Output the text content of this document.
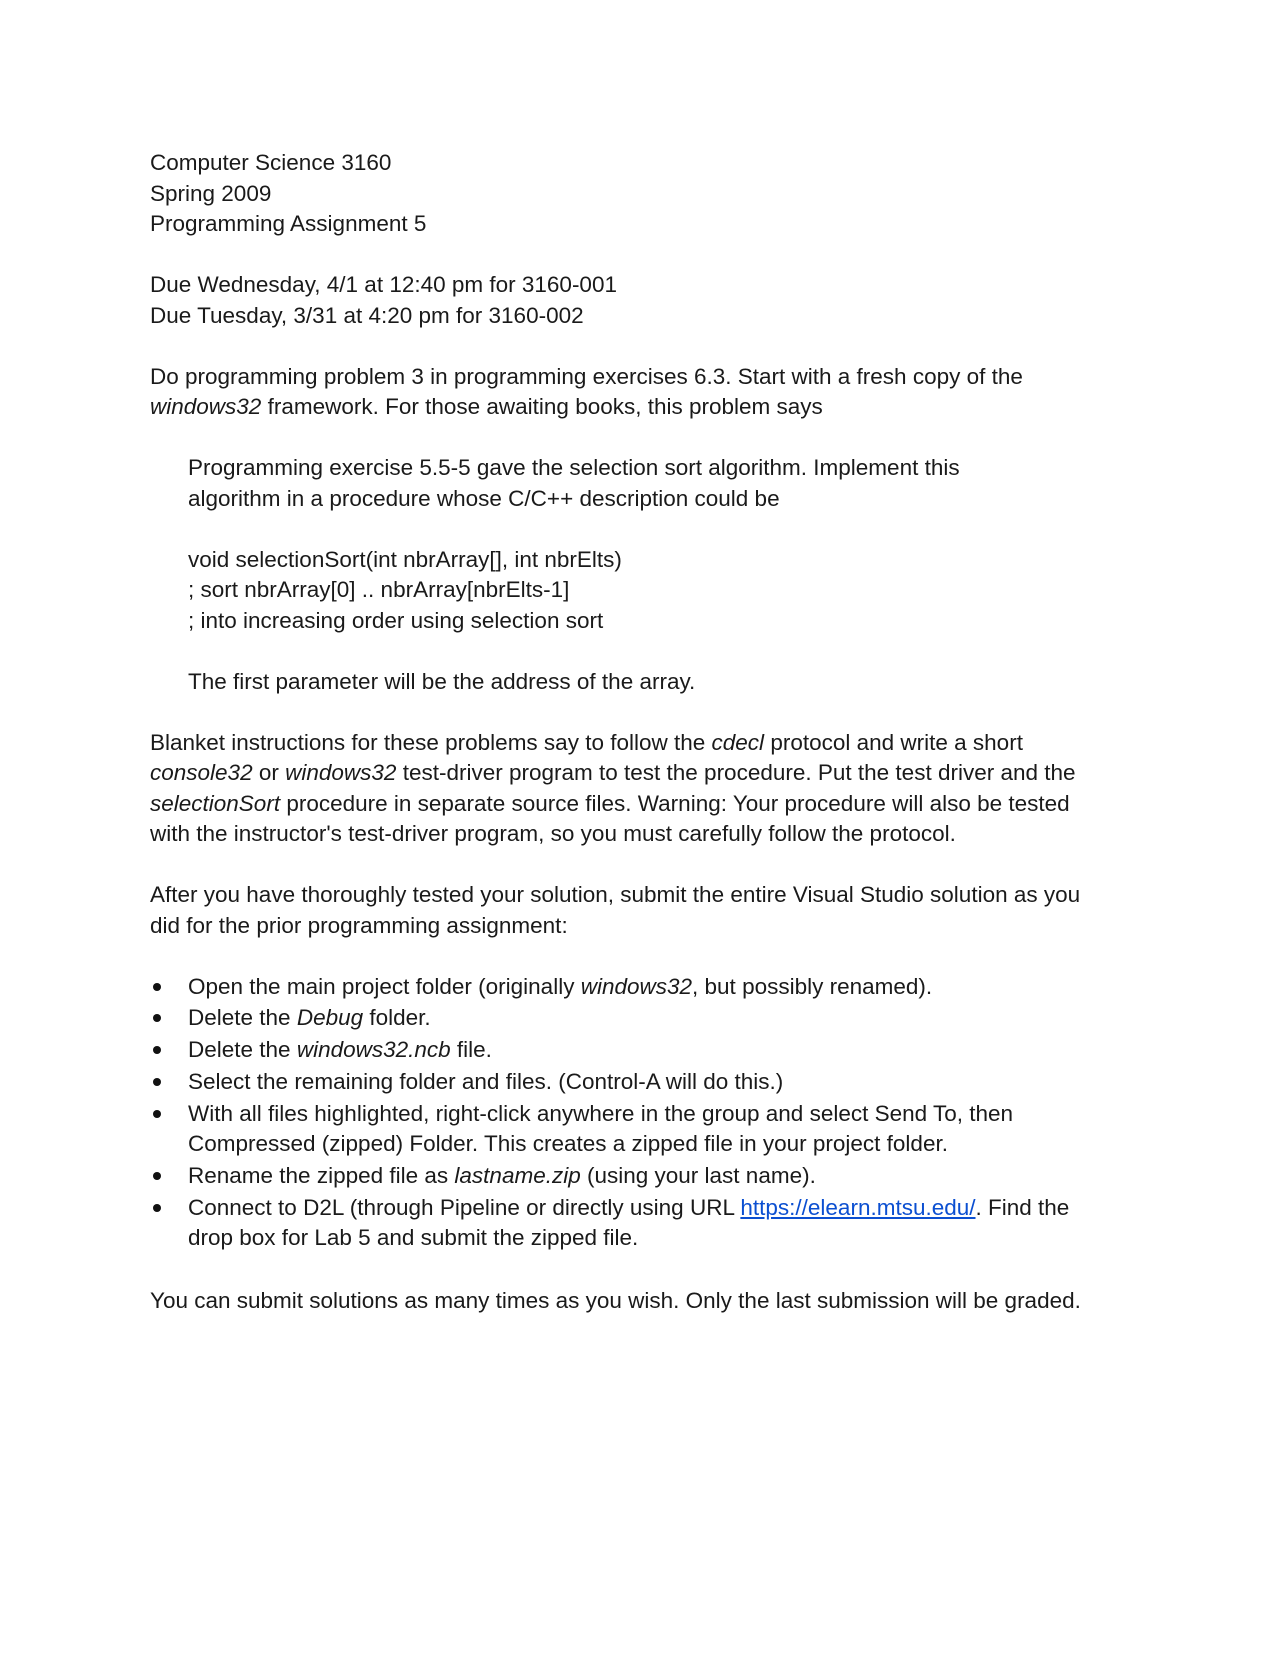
Computer Science 3160
Spring 2009
Programming Assignment 5
Due Wednesday, 4/1 at 12:40 pm for 3160-001
Due Tuesday, 3/31 at 4:20 pm for 3160-002
Do programming problem 3 in programming exercises 6.3. Start with a fresh copy of the
windows32 framework. For those awaiting books, this problem says
Programming exercise 5.5-5 gave the selection sort algorithm. Implement this
algorithm in a procedure whose C/C++ description could be
void selectionSort(int nbrArray[], int nbrElts)
; sort nbrArray[0] .. nbrArray[nbrElts-1]
; into increasing order using selection sort
The first parameter will be the address of the array.
Blanket instructions for these problems say to follow the cdecl protocol and write a short
console32 or windows32 test-driver program to test the procedure. Put the test driver and the
selectionSort procedure in separate source files. Warning: Your procedure will also be tested
with the instructor's test-driver program, so you must carefully follow the protocol.
After you have thoroughly tested your solution, submit the entire Visual Studio solution as you
did for the prior programming assignment:
Open the main project folder (originally windows32, but possibly renamed).
Delete the Debug folder.
Delete the windows32.ncb file.
Select the remaining folder and files. (Control-A will do this.)
With all files highlighted, right-click anywhere in the group and select Send To, then
Compressed (zipped) Folder. This creates a zipped file in your project folder.
Rename the zipped file as lastname.zip (using your last name).
Connect to D2L (through Pipeline or directly using URL https://elearn.mtsu.edu/. Find the
drop box for Lab 5 and submit the zipped file.
You can submit solutions as many times as you wish. Only the last submission will be graded.
